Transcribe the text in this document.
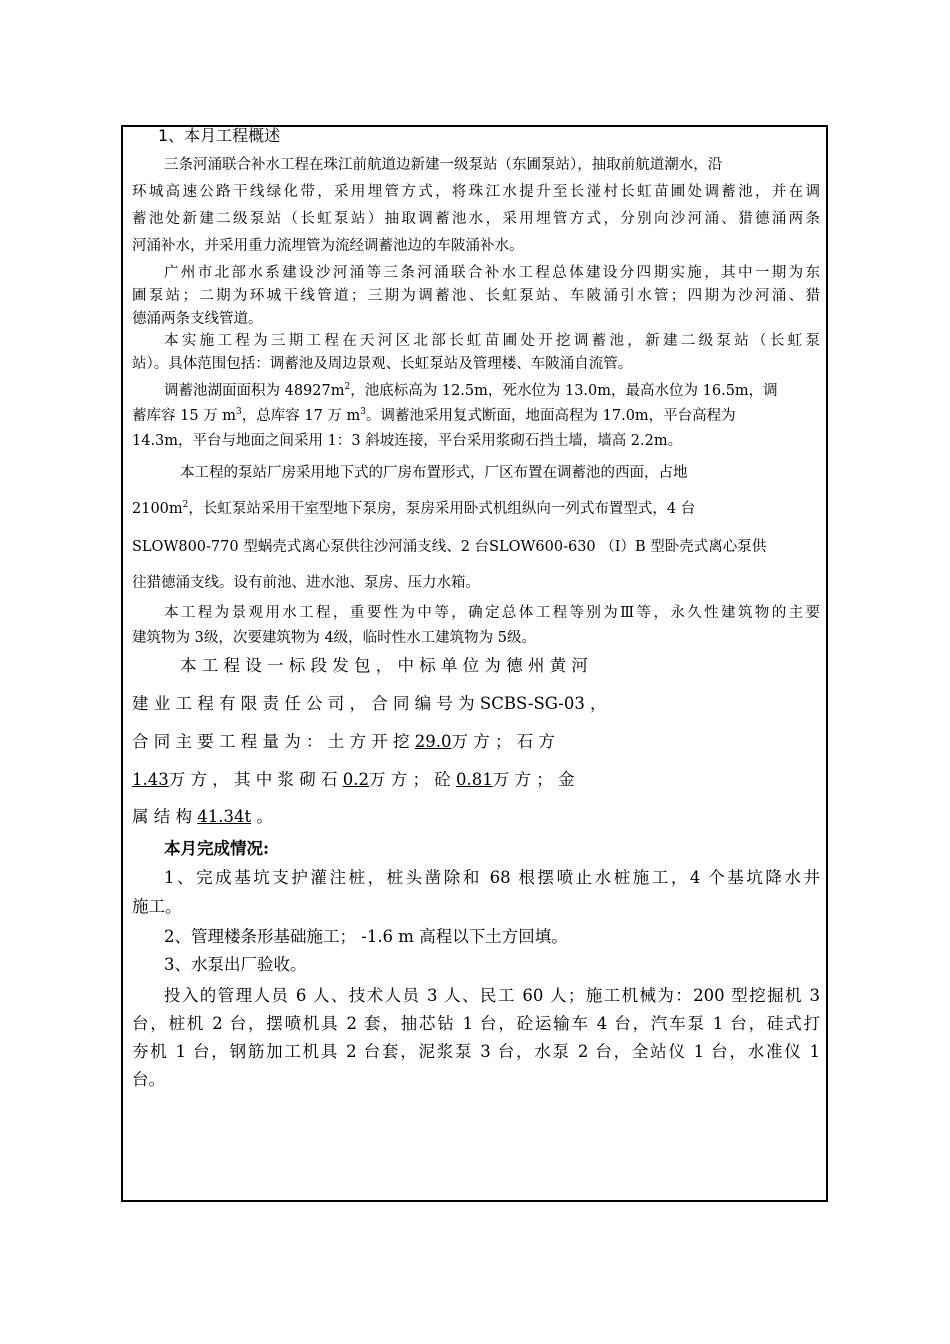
1、本月工程概述
三条河涌联合补水工程在珠江前航道边新建一级泵站（东圃泵站），抽取前航道潮水，沿
环城高速公路干线绿化带，采用埋管方式，将珠江水提升至长湴村长虹苗圃处调蓄池，并在调
蓄池处新建二级泵站（长虹泵站）抽取调蓄池水，采用埋管方式，分别向沙河涌、猎德涌两条
河涌补水，并采用重力流埋管为流经调蓄池边的车陂涌补水。
广州市北部水系建设沙河涌等三条河涌联合补水工程总体建设分四期实施，其中一期为东
圃泵站；二期为环城干线管道；三期为调蓄池、长虹泵站、车陂涌引水管；四期为沙河涌、猎
德涌两条支线管道。
本实施工程为三期工程在天河区北部长虹苗圃处开挖调蓄池，新建二级泵站（长虹泵
站）。具体范围包括：调蓄池及周边景观、长虹泵站及管理楼、车陂涌自流管。
调蓄池湖面面积为 $48927m^2$，池底标高为 12.5m，死水位为 13.0m，最高水位为 16.5m，调
蓄库容 15 万 $m^3$，总库容 17 万 $m^3$。调蓄池采用复式断面，地面高程为 17.0m，平台高程为
14.3m，平台与地面之间采用 1：3 斜坡连接，平台采用浆砌石挡土墙，墙高 2.2m。
本工程的泵站厂房采用地下式的厂房布置形式，厂区布置在调蓄池的西面，占地
$2100m^2$，长虹泵站采用干室型地下泵房，泵房采用卧式机组纵向一列式布置型式，4 台
SLOW800-770 型蜗壳式离心泵供往沙河涌支线、2 台SLOW600-630 （Ⅰ）B 型卧壳式离心泵供
往猎德涌支线。设有前池、进水池、泵房、压力水箱。
本工程为景观用水工程，重要性为中等，确定总体工程等别为Ⅲ等，永久性建筑物的主要
建筑物为 3级，次要建筑物为 4级，临时性水工建筑物为 5级。
本 工 程 设 一 标 段 发 包 ， 中 标 单 位 为 德 州 黄 河
建 业 工 程 有 限 责 任 公 司 ， 合 同 编 号 为 SCBS-SG-03 ，
合 同 主 要 工 程 量 为 ： 土 方 开 挖 29.0万 方 ； 石 方
1.43万 方 ， 其 中 浆 砌 石 0.2万 方 ； 砼 0.81万 方 ； 金
属 结 构 41.34t 。
本月完成情况:
1、完成基坑支护灌注桩，桩头凿除和 68 根摆喷止水桩施工，4 个基坑降水井
施工。
2、管理楼条形基础施工； -1.6 m 高程以下土方回填。
3、水泵出厂验收。
投入的管理人员 6 人、技术人员 3 人、民工 60 人；施工机械为：200 型挖掘机 3
台，桩机 2 台，摆喷机具 2 套，抽芯钻 1 台，砼运输车 4 台，汽车泵 1 台，硅式打
夯机 1 台，钢筋加工机具 2 台套，泥浆泵 3 台，水泵 2 台，全站仪 1 台，水准仪 1
台。
